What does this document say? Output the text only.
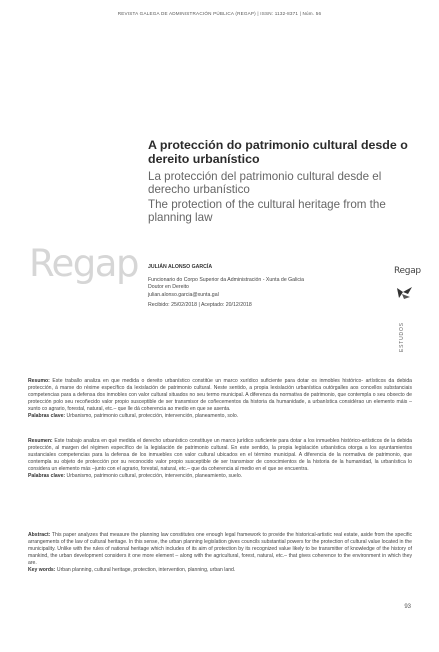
REVISTA GALEGA DE ADMINISTRACIÓN PÚBLICA (REGAP) | ISSN: 1132-8371 | Núm. 56
A protección do patrimonio cultural desde o dereito urbanístico
La protección del patrimonio cultural desde el derecho urbanístico
The protection of the cultural heritage from the planning law
Regap JULIÁN ALONSO GARCÍA
Funcionario do Corpo Superior da Administración - Xunta de Galicia
Doutor en Dereito
julian.alonso.garcia@xunta.gal
Recibido: 25/02/2018 | Aceptado: 20/12/2018
Regap
ESTUDOS
Resumo: Este traballo analiza en que medida o dereito urbanístico constitúe un marco xurídico suficiente para dotar os inmobles histórico- artísticos da debida protección, á marxe do réxime específico da lexislación de patrimonio cultural. Neste sentido, a propia lexislación urbanística outórgalles aos concellos substanciais competencias para a defensa dos inmobles con valor cultural situados no seu termo municipal. A diferenza da normativa de patrimonio, que contempla o seu obxecto de protección polo seu recoñecido valor propio susceptible de ser transmisor de coñecementos da historia da humanidade, a urbanística considérao un elemento máis –xunto co agrario, forestal, natural, etc.– que lle dá coherencia ao medio en que se asenta.
Palabras clave: Urbanismo, patrimonio cultural, protección, intervención, planeamento, solo.
Resumen: Este trabajo analiza en qué medida el derecho urbanístico constituye un marco jurídico suficiente para dotar a los inmuebles histórico-artísticos de la debida protección, al margen del régimen específico de la legislación de patrimonio cultural. En este sentido, la propia legislación urbanística otorga a los ayuntamientos sustanciales competencias para la defensa de los inmuebles con valor cultural ubicados en el término municipal. A diferencia de la normativa de patrimonio, que contempla su objeto de protección por su reconocido valor propio susceptible de ser transmisor de conocimientos de la historia de la humanidad, la urbanística lo considera un elemento más –junto con el agrario, forestal, natural, etc.– que da coherencia al medio en el que se encuentra.
Palabras clave: Urbanismo, patrimonio cultural, protección, intervención, planeamiento, suelo.
Abstract: This paper analyzes that measure the planning law constitutes one enough legal framework to provide the historical-artistic real estate, aside from the specific arrangements of the law of cultural heritage. In this sense, the urban planning legislation gives councils substantial powers for the protection of cultural value located in the municipality. Unlike with the rules of national heritage which includes of its aim of protection by its recognized value likely to be transmitter of knowledge of the history of mankind, the urban development considers it one more element – along with the agricultural, forest, natural, etc.– that gives coherence to the environment in which they are.
Key words: Urban planning, cultural heritage, protection, intervention, planning, urban land.
93
